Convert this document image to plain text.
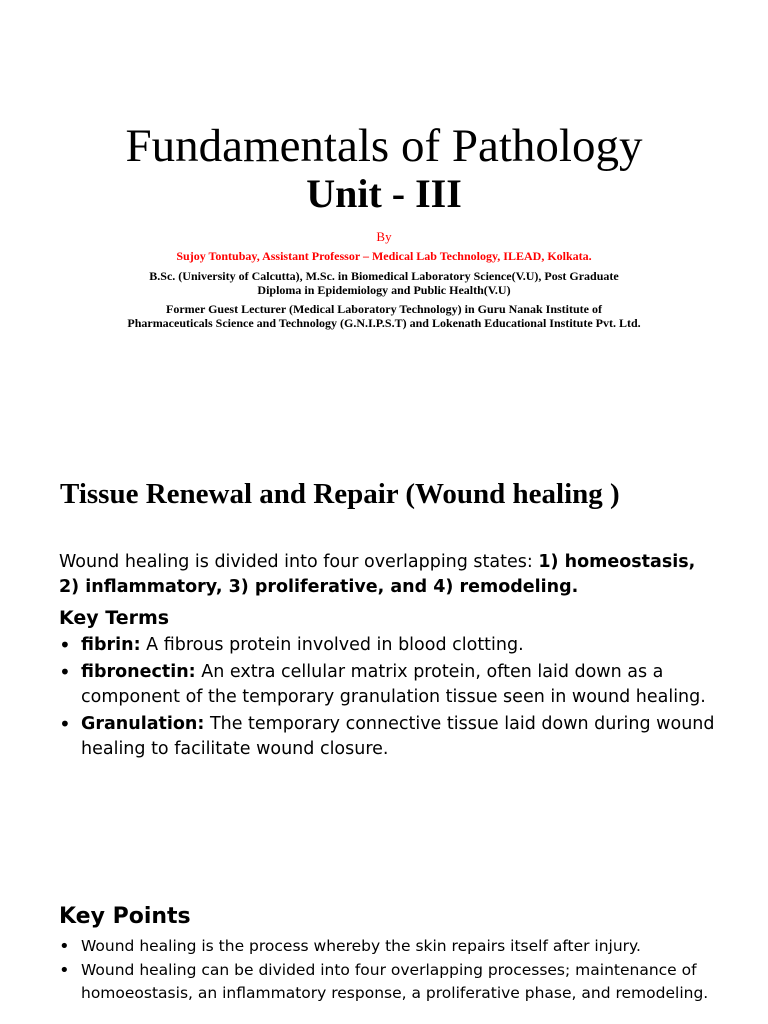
Fundamentals of Pathology
Unit - III
By
Sujoy Tontubay, Assistant Professor – Medical Lab Technology, ILEAD, Kolkata.
B.Sc. (University of Calcutta), M.Sc. in Biomedical Laboratory Science(V.U), Post Graduate
Diploma in Epidemiology and Public Health(V.U)
Former Guest Lecturer (Medical Laboratory Technology) in Guru Nanak Institute of
Pharmaceuticals Science and Technology (G.N.I.P.S.T) and Lokenath Educational Institute Pvt. Ltd.
Tissue Renewal and Repair (Wound healing )
Wound healing is divided into four overlapping states: 1) homeostasis, 2) inflammatory, 3) proliferative, and 4) remodeling.
Key Terms
• fibrin: A fibrous protein involved in blood clotting.
• fibronectin: An extra cellular matrix protein, often laid down as a component of the temporary granulation tissue seen in wound healing.
• Granulation: The temporary connective tissue laid down during wound healing to facilitate wound closure.
Key Points
• Wound healing is the process whereby the skin repairs itself after injury.
• Wound healing can be divided into four overlapping processes; maintenance of homoeostasis, an inflammatory response, a proliferative phase, and remodeling.
